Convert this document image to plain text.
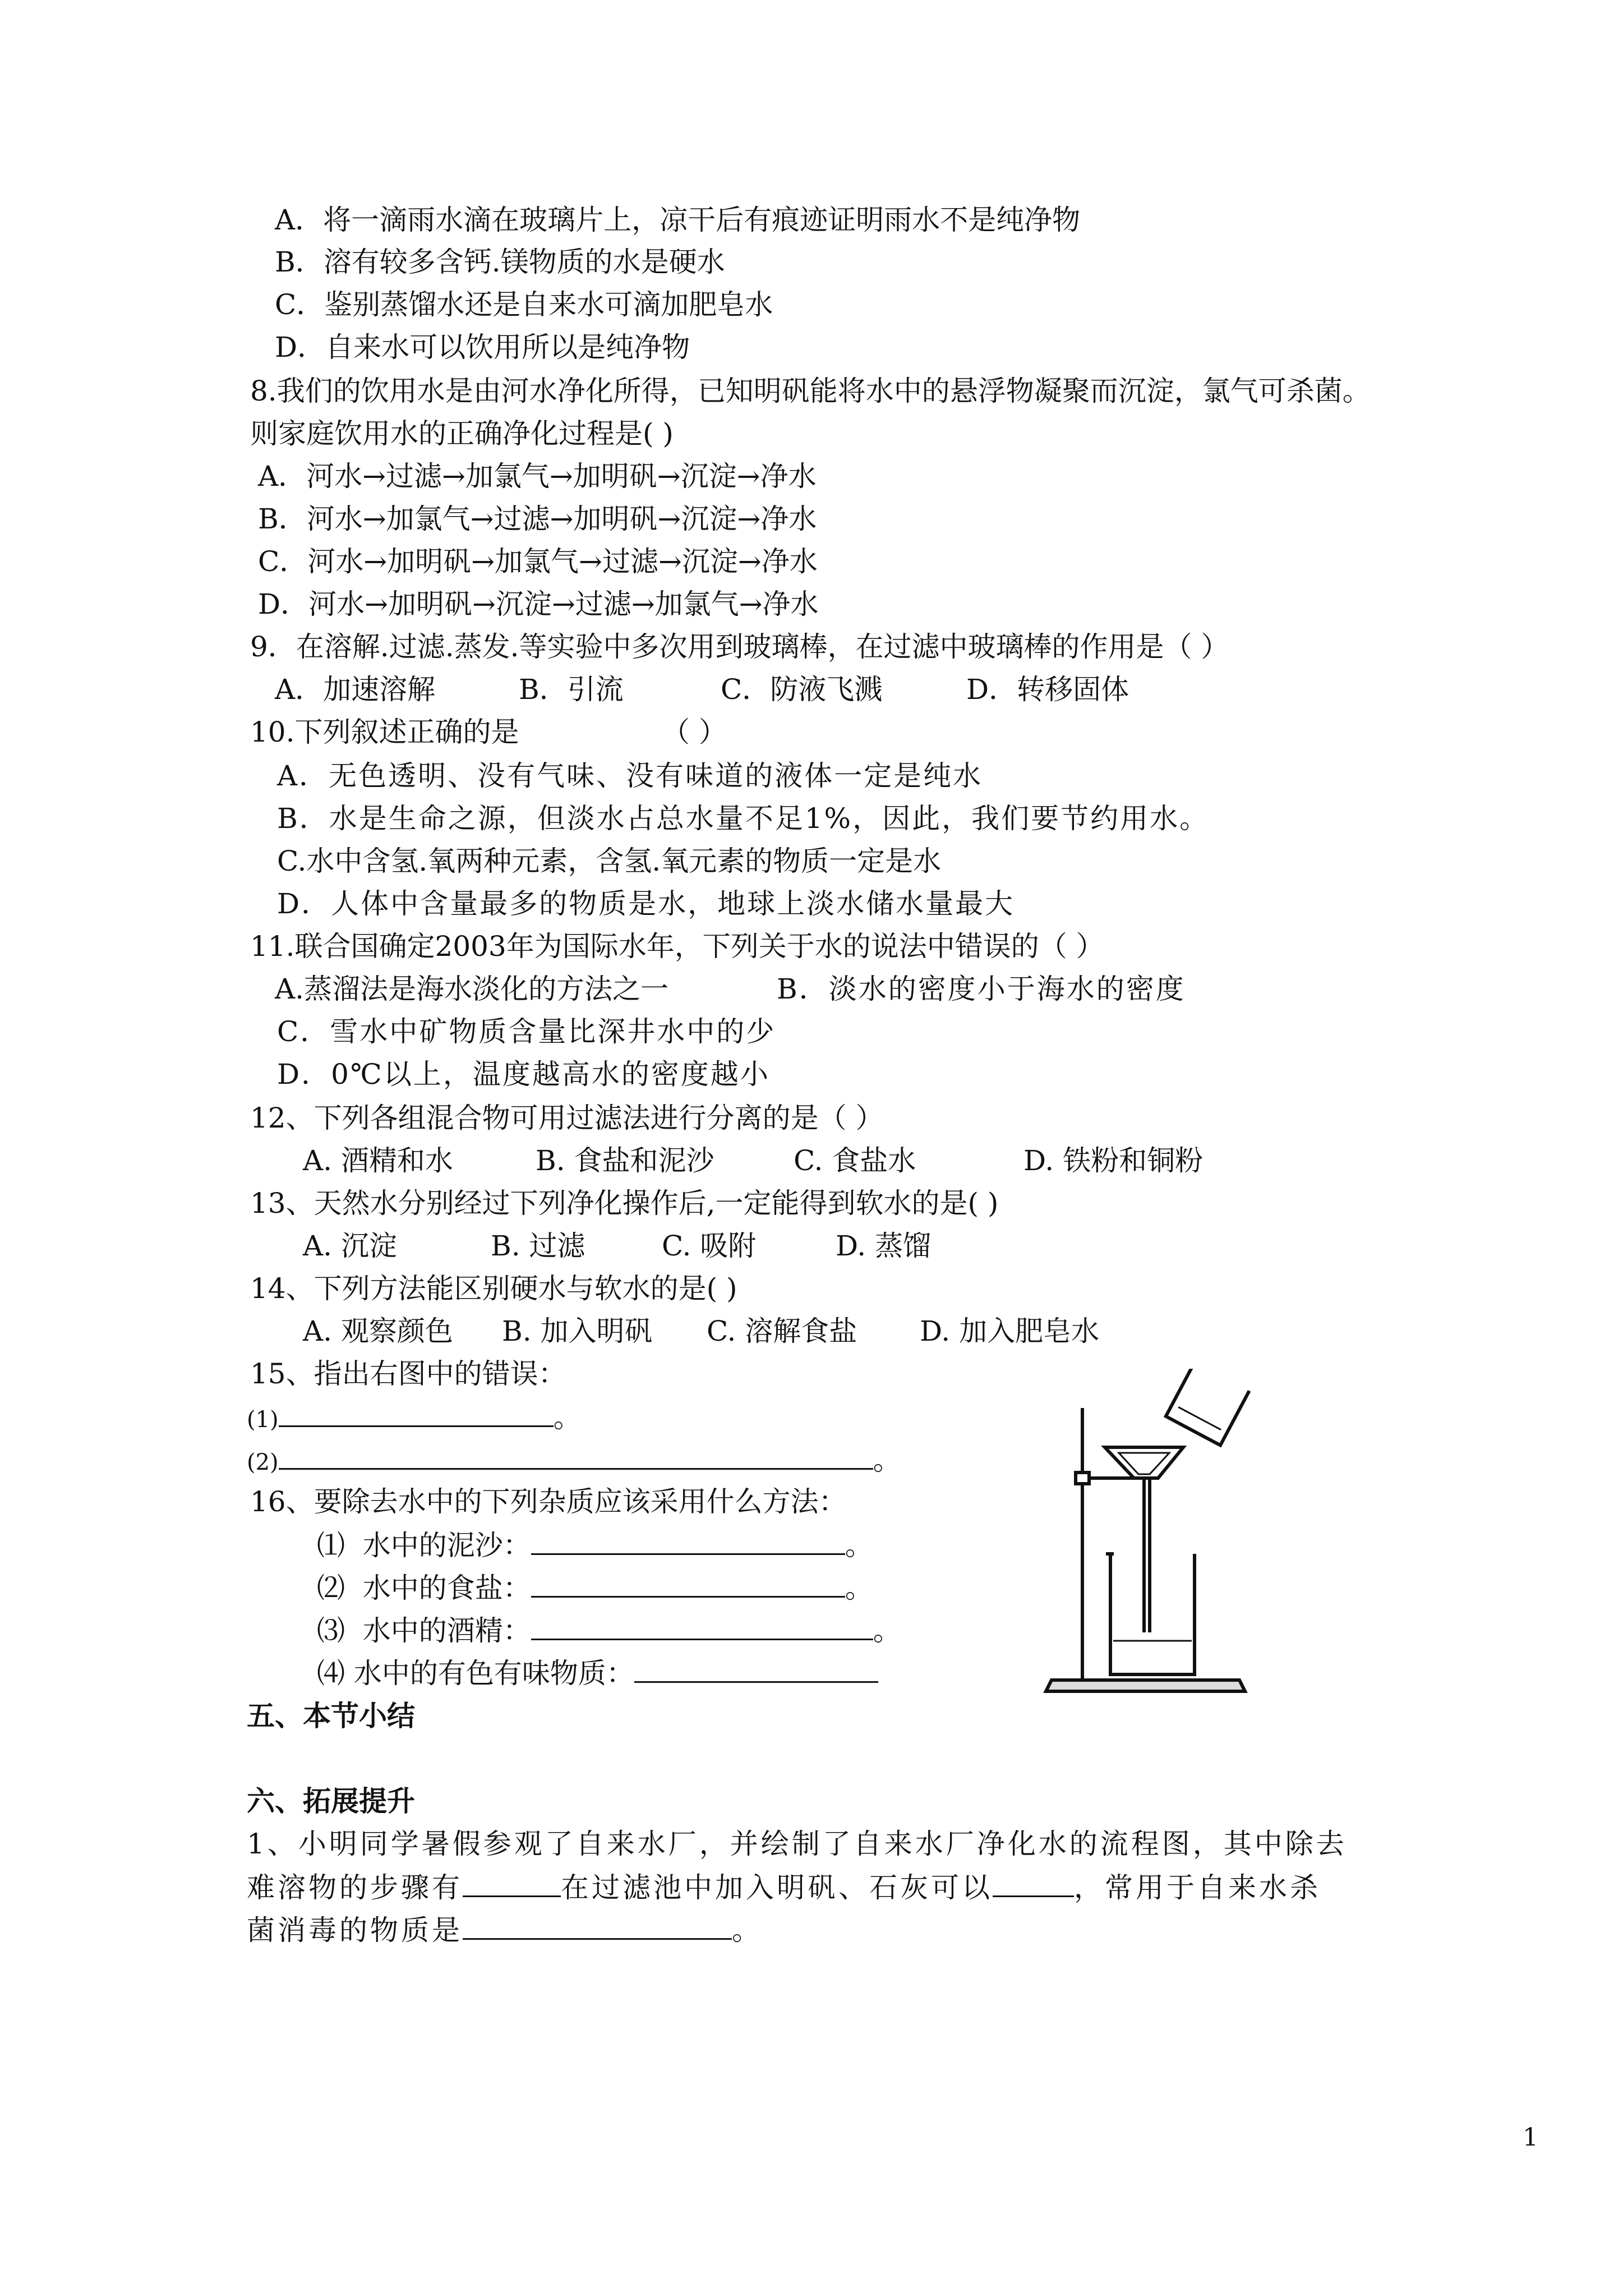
A．将一滴雨水滴在玻璃片上，凉干后有痕迹证明雨水不是纯净物
B．溶有较多含钙.镁物质的水是硬水
C．鉴别蒸馏水还是自来水可滴加肥皂水
D．自来水可以饮用所以是纯净物
8.我们的饮用水是由河水净化所得，已知明矾能将水中的悬浮物凝聚而沉淀，氯气可杀菌。
则家庭饮用水的正确净化过程是( )
A．河水→过滤→加氯气→加明矾→沉淀→净水
B．河水→加氯气→过滤→加明矾→沉淀→净水
C．河水→加明矾→加氯气→过滤→沉淀→净水
D．河水→加明矾→沉淀→过滤→加氯气→净水
9．在溶解.过滤.蒸发.等实验中多次用到玻璃棒，在过滤中玻璃棒的作用是（ ）
A．加速溶解	B．引流	C．防液飞溅	D．转移固体
10.下列叙述正确的是	（ ）
A．无色透明、没有气味、没有味道的液体一定是纯水
B．水是生命之源，但淡水占总水量不足1%，因此，我们要节约用水。
C.水中含氢.氧两种元素，含氢.氧元素的物质一定是水
D．人体中含量最多的物质是水，地球上淡水储水量最大
11.联合国确定2003年为国际水年，下列关于水的说法中错误的（ ）
A.蒸溜法是海水淡化的方法之一	B．淡水的密度小于海水的密度
C．雪水中矿物质含量比深井水中的少
D．0℃以上，温度越高水的密度越小
12、下列各组混合物可用过滤法进行分离的是（ ）
A. 酒精和水	B. 食盐和泥沙	C. 食盐水	D. 铁粉和铜粉
13、天然水分别经过下列净化操作后,一定能得到软水的是( )
A. 沉淀	B. 过滤	C. 吸附	D. 蒸馏
14、下列方法能区别硬水与软水的是( )
A. 观察颜色 B. 加入明矾 C. 溶解食盐 D. 加入肥皂水
15、指出右图中的错误：
(1)	。
(2)	。
16、要除去水中的下列杂质应该采用什么方法：
⑴ 水中的泥沙：	。
⑵ 水中的食盐：	。
⑶ 水中的酒精：	。
⑷ 水中的有色有味物质：
五、本节小结
六、拓展提升
1、小明同学暑假参观了自来水厂，并绘制了自来水厂净化水的流程图，其中除去
难溶物的步骤有	在过滤池中加入明矾、石灰可以	，常用于自来水杀
菌消毒的物质是	。
1
